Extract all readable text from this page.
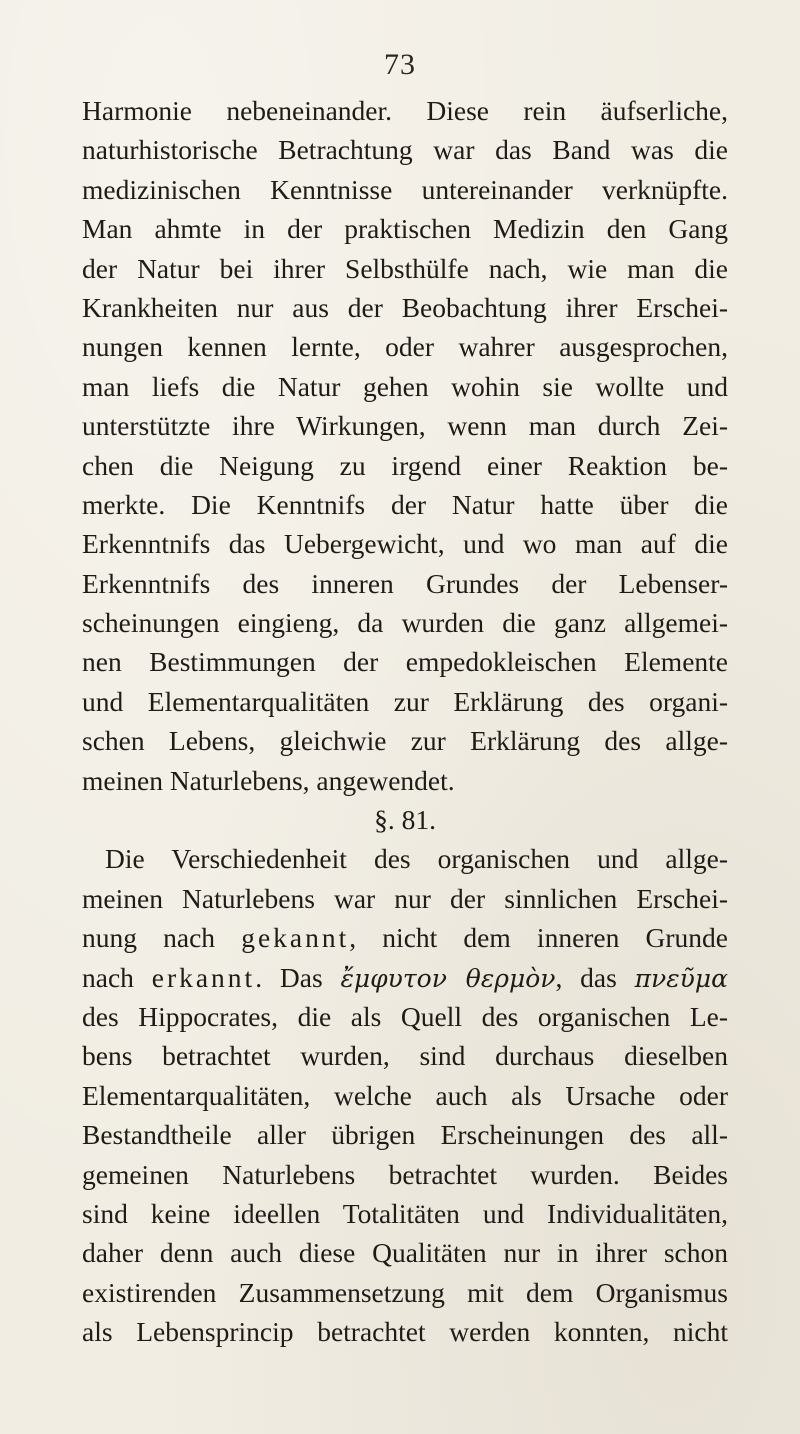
73
Harmonie nebeneinander. Diese rein äufserliche,
naturhistorische Betrachtung war das Band was die
medizinischen Kenntnisse untereinander verknüpfte.
Man ahmte in der praktischen Medizin den Gang
der Natur bei ihrer Selbsthülfe nach, wie man die
Krankheiten nur aus der Beobachtung ihrer Erschei-
nungen kennen lernte, oder wahrer ausgesprochen,
man liefs die Natur gehen wohin sie wollte und
unterstützte ihre Wirkungen, wenn man durch Zei-
chen die Neigung zu irgend einer Reaktion be-
merkte. Die Kenntnifs der Natur hatte über die
Erkenntnifs das Uebergewicht, und wo man auf die
Erkenntnifs des inneren Grundes der Lebenser-
scheinungen eingieng, da wurden die ganz allgemei-
nen Bestimmungen der empedokleischen Elemente
und Elementarqualitäten zur Erklärung des organi-
schen Lebens, gleichwie zur Erklärung des allge-
meinen Naturlebens, angewendet.
§. 81.
Die Verschiedenheit des organischen und allge-
meinen Naturlebens war nur der sinnlichen Erschei-
nung nach gekannt, nicht dem inneren Grunde
nach erkannt. Das ἔμφυτον θερμὸν, das πνεῦμα
des Hippocrates, die als Quell des organischen Le-
bens betrachtet wurden, sind durchaus dieselben
Elementarqualitäten, welche auch als Ursache oder
Bestandtheile aller übrigen Erscheinungen des all-
gemeinen Naturlebens betrachtet wurden. Beides
sind keine ideellen Totalitäten und Individualitäten,
daher denn auch diese Qualitäten nur in ihrer schon
existirenden Zusammensetzung mit dem Organismus
als Lebensprincip betrachtet werden konnten, nicht
